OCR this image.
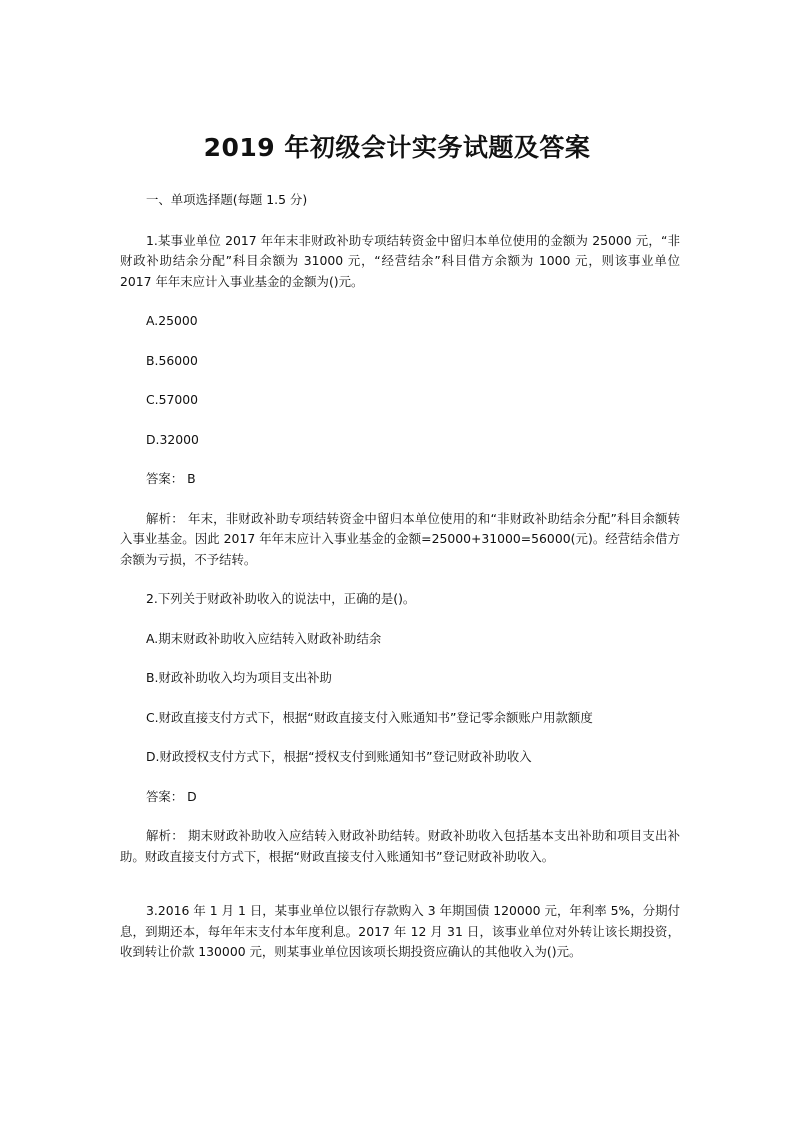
2019 年初级会计实务试题及答案

一、单项选择题(每题 1.5 分)

1.某事业单位 2017 年年末非财政补助专项结转资金中留归本单位使用的金额为 25000 元，“非财政补助结余分配”科目余额为 31000 元，“经营结余”科目借方余额为 1000 元，则该事业单位 2017 年年末应计入事业基金的金额为()元。

A.25000

B.56000

C.57000

D.32000

答案： B

解析： 年末，非财政补助专项结转资金中留归本单位使用的和“非财政补助结余分配”科目余额转入事业基金。因此 2017 年年末应计入事业基金的金额=25000+31000=56000(元)。经营结余借方余额为亏损，不予结转。

2.下列关于财政补助收入的说法中，正确的是()。

A.期末财政补助收入应结转入财政补助结余

B.财政补助收入均为项目支出补助

C.财政直接支付方式下，根据“财政直接支付入账通知书”登记零余额账户用款额度

D.财政授权支付方式下，根据“授权支付到账通知书”登记财政补助收入

答案： D

解析： 期末财政补助收入应结转入财政补助结转。财政补助收入包括基本支出补助和项目支出补助。财政直接支付方式下，根据“财政直接支付入账通知书”登记财政补助收入。

3.2016 年 1 月 1 日，某事业单位以银行存款购入 3 年期国债 120000 元，年利率 5%，分期付息，到期还本，每年年末支付本年度利息。2017 年 12 月 31 日，该事业单位对外转让该长期投资，收到转让价款 130000 元，则某事业单位因该项长期投资应确认的其他收入为()元。
